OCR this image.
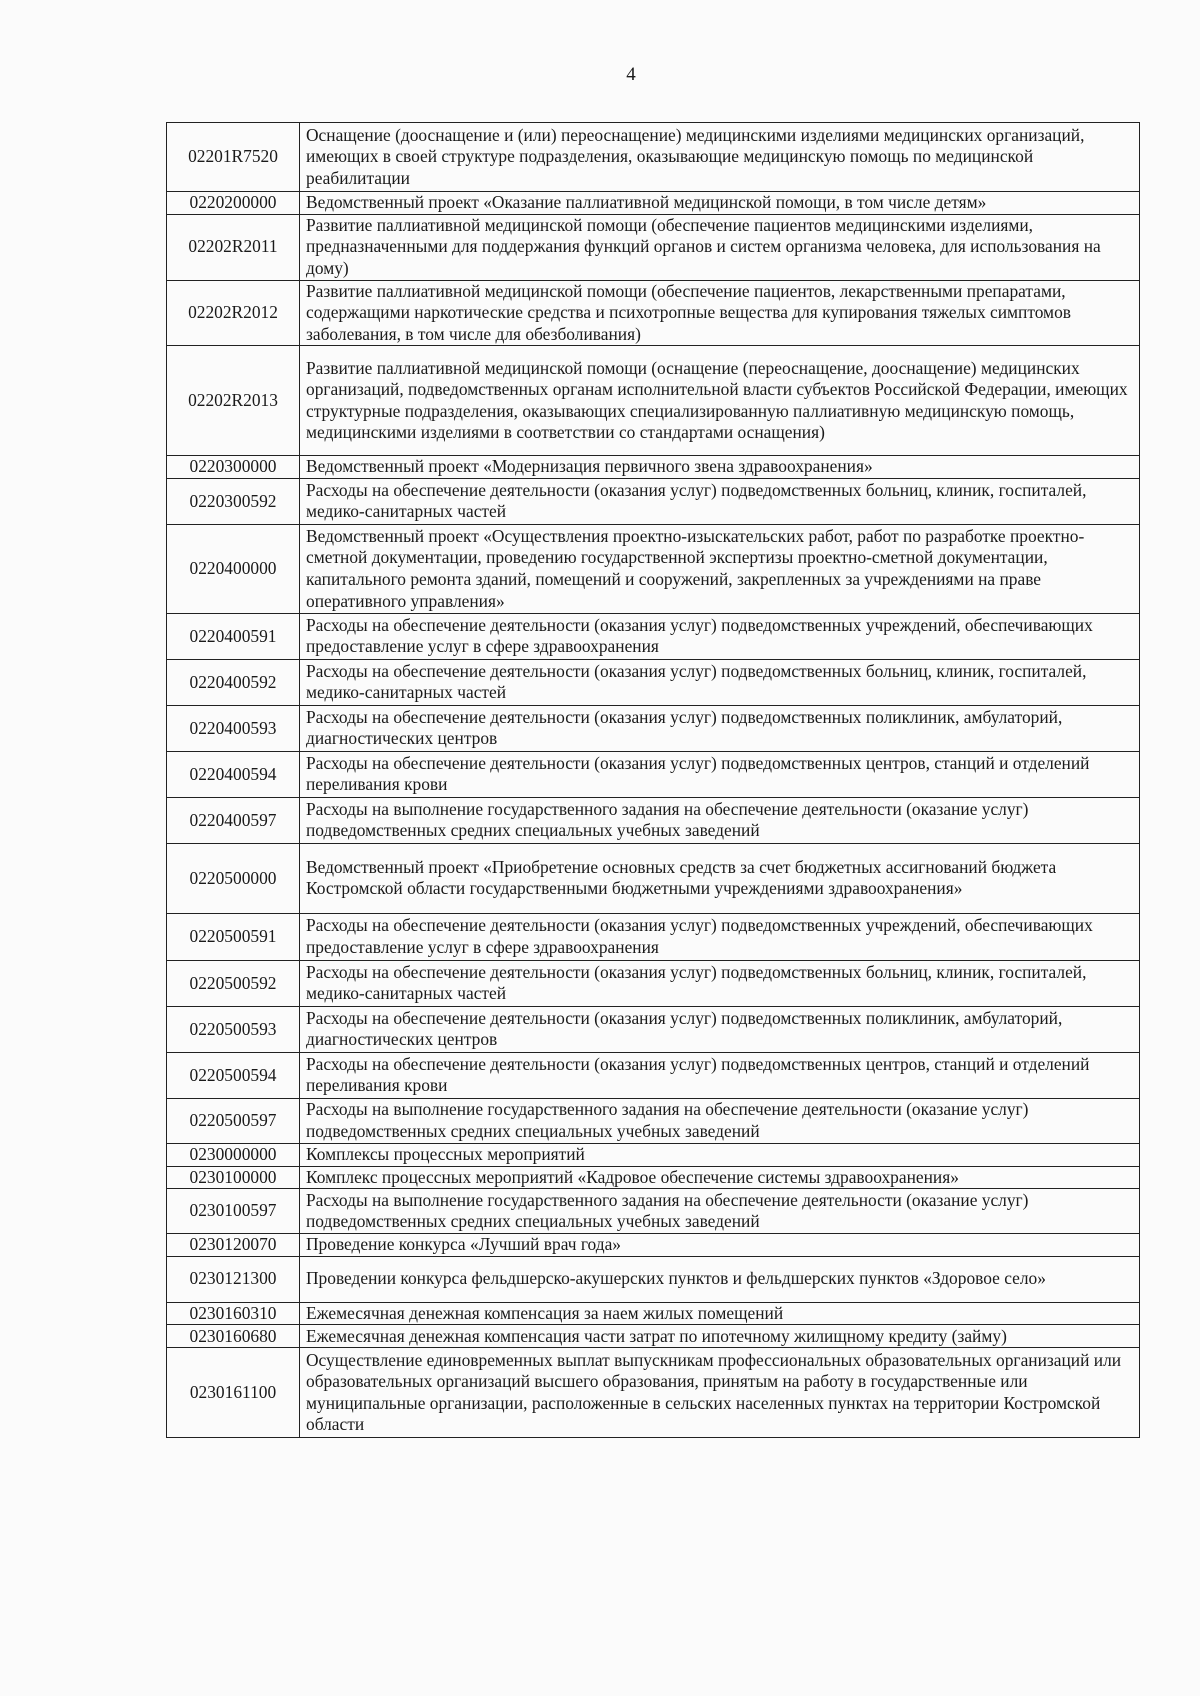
4
02201R7520	Оснащение (дооснащение и (или) переоснащение) медицинскими изделиями медицинских организаций, имеющих в своей структуре подразделения, оказывающие медицинскую помощь по медицинской реабилитации
0220200000	Ведомственный проект «Оказание паллиативной медицинской помощи, в том числе детям»
02202R2011	Развитие паллиативной медицинской помощи (обеспечение пациентов медицинскими изделиями, предназначенными для поддержания функций органов и систем организма человека, для использования на дому)
02202R2012	Развитие паллиативной медицинской помощи (обеспечение пациентов, лекарственными препаратами, содержащими наркотические средства и психотропные вещества для купирования тяжелых симптомов заболевания, в том числе для обезболивания)
02202R2013	Развитие паллиативной медицинской помощи (оснащение (переоснащение, дооснащение) медицинских организаций, подведомственных органам исполнительной власти субъектов Российской Федерации, имеющих структурные подразделения, оказывающих специализированную паллиативную медицинскую помощь, медицинскими изделиями в соответствии со стандартами оснащения)
0220300000	Ведомственный проект «Модернизация первичного звена здравоохранения»
0220300592	Расходы на обеспечение деятельности (оказания услуг) подведомственных больниц, клиник, госпиталей, медико-санитарных частей
0220400000	Ведомственный проект «Осуществления проектно-изыскательских работ, работ по разработке проектно-сметной документации, проведению государственной экспертизы проектно-сметной документации, капитального ремонта зданий, помещений и сооружений, закрепленных за учреждениями на праве оперативного управления»
0220400591	Расходы на обеспечение деятельности (оказания услуг) подведомственных учреждений, обеспечивающих предоставление услуг в сфере здравоохранения
0220400592	Расходы на обеспечение деятельности (оказания услуг) подведомственных больниц, клиник, госпиталей, медико-санитарных частей
0220400593	Расходы на обеспечение деятельности (оказания услуг) подведомственных поликлиник, амбулаторий, диагностических центров
0220400594	Расходы на обеспечение деятельности (оказания услуг) подведомственных центров, станций и отделений переливания крови
0220400597	Расходы на выполнение государственного задания на обеспечение деятельности (оказание услуг) подведомственных средних специальных учебных заведений
0220500000	Ведомственный проект «Приобретение основных средств за счет бюджетных ассигнований бюджета Костромской области государственными бюджетными учреждениями здравоохранения»
0220500591	Расходы на обеспечение деятельности (оказания услуг) подведомственных учреждений, обеспечивающих предоставление услуг в сфере здравоохранения
0220500592	Расходы на обеспечение деятельности (оказания услуг) подведомственных больниц, клиник, госпиталей, медико-санитарных частей
0220500593	Расходы на обеспечение деятельности (оказания услуг) подведомственных поликлиник, амбулаторий, диагностических центров
0220500594	Расходы на обеспечение деятельности (оказания услуг) подведомственных центров, станций и отделений переливания крови
0220500597	Расходы на выполнение государственного задания на обеспечение деятельности (оказание услуг) подведомственных средних специальных учебных заведений
0230000000	Комплексы процессных мероприятий
0230100000	Комплекс процессных мероприятий «Кадровое обеспечение системы здравоохранения»
0230100597	Расходы на выполнение государственного задания на обеспечение деятельности (оказание услуг) подведомственных средних специальных учебных заведений
0230120070	Проведение конкурса «Лучший врач года»
0230121300	Проведении конкурса фельдшерско-акушерских пунктов и фельдшерских пунктов «Здоровое село»
0230160310	Ежемесячная денежная компенсация за наем жилых помещений
0230160680	Ежемесячная денежная компенсация части затрат по ипотечному жилищному кредиту (займу)
0230161100	Осуществление единовременных выплат выпускникам профессиональных образовательных организаций или образовательных организаций высшего образования, принятым на работу в государственные или муниципальные организации, расположенные в сельских населенных пунктах на территории Костромской области
